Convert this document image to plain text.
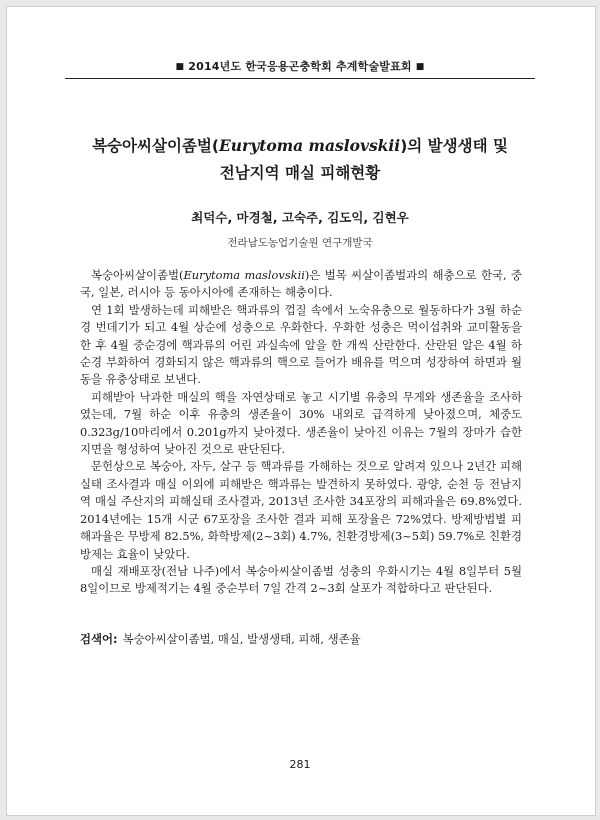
■ 2014년도 한국응용곤충학회 추계학술발표회 ■
복숭아씨살이좀벌(Eurytoma maslovskii)의 발생생태 및
전남지역 매실 피해현황
최덕수, 마경철, 고숙주, 김도익, 김현우
전라남도농업기술원 연구개발국

복숭아씨살이좀벌(Eurytoma maslovskii)은 벌목 씨살이좀벌과의 해충으로 한국, 중국, 일본, 러시아 등 동아시아에 존재하는 해충이다.

연 1회 발생하는데 피해받은 핵과류의 껍질 속에서 노숙유충으로 월동하다가 3월 하순경 번데기가 되고 4월 상순에 성충으로 우화한다. 우화한 성충은 먹이섭취와 교미활동을 한 후 4월 중순경에 핵과류의 어린 과실속에 알을 한 개씩 산란한다. 산란된 알은 4월 하순경 부화하여 경화되지 않은 핵과류의 핵으로 들어가 배유를 먹으며 성장하여 하면과 월동을 유충상태로 보낸다.

피해받아 낙과한 매실의 핵을 자연상태로 놓고 시기별 유충의 무게와 생존율을 조사하였는데, 7월 하순 이후 유충의 생존율이 30% 내외로 급격하게 낮아졌으며, 체중도 0.323g/10마리에서 0.201g까지 낮아졌다. 생존율이 낮아진 이유는 7월의 장마가 습한 지면을 형성하여 낮아진 것으로 판단된다.

문헌상으로 복숭아, 자두, 살구 등 핵과류를 가해하는 것으로 알려져 있으나 2년간 피해실태 조사결과 매실 이외에 피해받은 핵과류는 발견하지 못하였다. 광양, 순천 등 전남지역 매실 주산지의 피해실태 조사결과, 2013년 조사한 34포장의 피해과율은 69.8%였다. 2014년에는 15개 시군 67포장을 조사한 결과 피해 포장율은 72%였다. 방제방법별 피해과율은 무방제 82.5%, 화학방제(2~3회) 4.7%, 친환경방제(3~5회) 59.7%로 친환경 방제는 효율이 낮았다.

매실 재배포장(전남 나주)에서 복숭아씨살이좀벌 성충의 우화시기는 4월 8일부터 5월 8일이므로 방제적기는 4월 중순부터 7일 간격 2~3회 살포가 적합하다고 판단된다.

검색어: 복숭아씨살이좀벌, 매실, 발생생태, 피해, 생존율
281
